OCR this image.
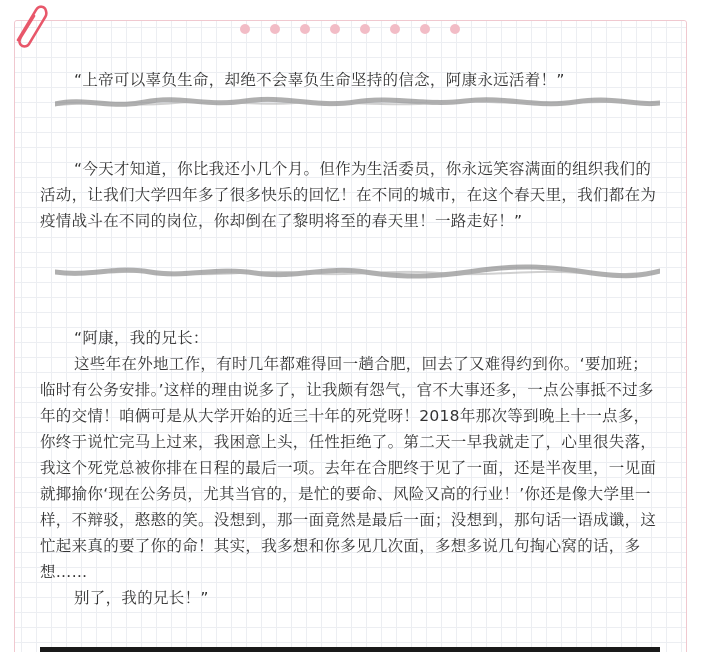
“上帝可以辜负生命，却绝不会辜负生命坚持的信念，阿康永远活着！”

“今天才知道，你比我还小几个月。但作为生活委员，你永远笑容满面的组织我们的活动，让我们大学四年多了很多快乐的回忆！在不同的城市，在这个春天里，我们都在为疫情战斗在不同的岗位，你却倒在了黎明将至的春天里！一路走好！”

“阿康，我的兄长：

这些年在外地工作，有时几年都难得回一趟合肥，回去了又难得约到你。‘要加班；临时有公务安排。’这样的理由说多了，让我颇有怨气，官不大事还多，一点公事抵不过多年的交情！咱俩可是从大学开始的近三十年的死党呀！2018年那次等到晚上十一点多，你终于说忙完马上过来，我困意上头，任性拒绝了。第二天一早我就走了，心里很失落，我这个死党总被你排在日程的最后一项。去年在合肥终于见了一面，还是半夜里，一见面就揶揄你‘现在公务员，尤其当官的，是忙的要命、风险又高的行业！’你还是像大学里一样，不辩驳，憨憨的笑。没想到，那一面竟然是最后一面；没想到，那句话一语成谶，这忙起来真的要了你的命！其实，我多想和你多见几次面，多想多说几句掏心窝的话，多想……

别了，我的兄长！”
